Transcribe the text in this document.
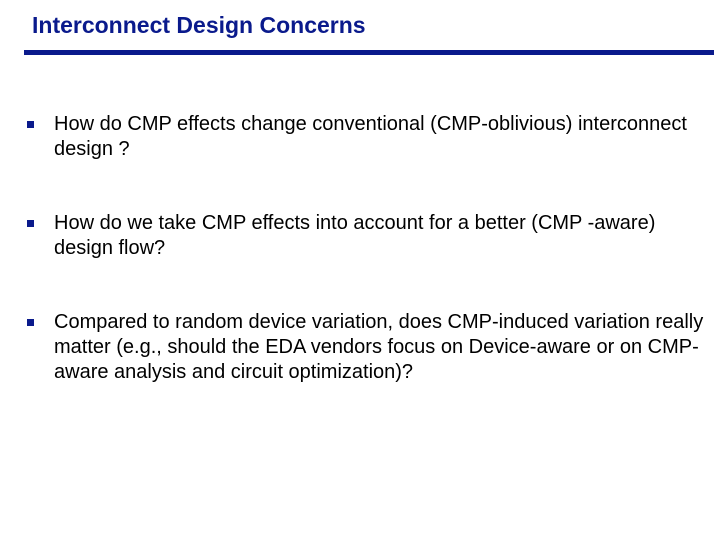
Interconnect Design Concerns
How do CMP effects change conventional (CMP-oblivious) interconnect design ?
How do we take CMP effects into account for a better (CMP -aware) design flow?
Compared to random device variation, does CMP-induced variation really matter (e.g., should the EDA vendors focus on Device-aware or on CMP-aware analysis and circuit optimization)?
